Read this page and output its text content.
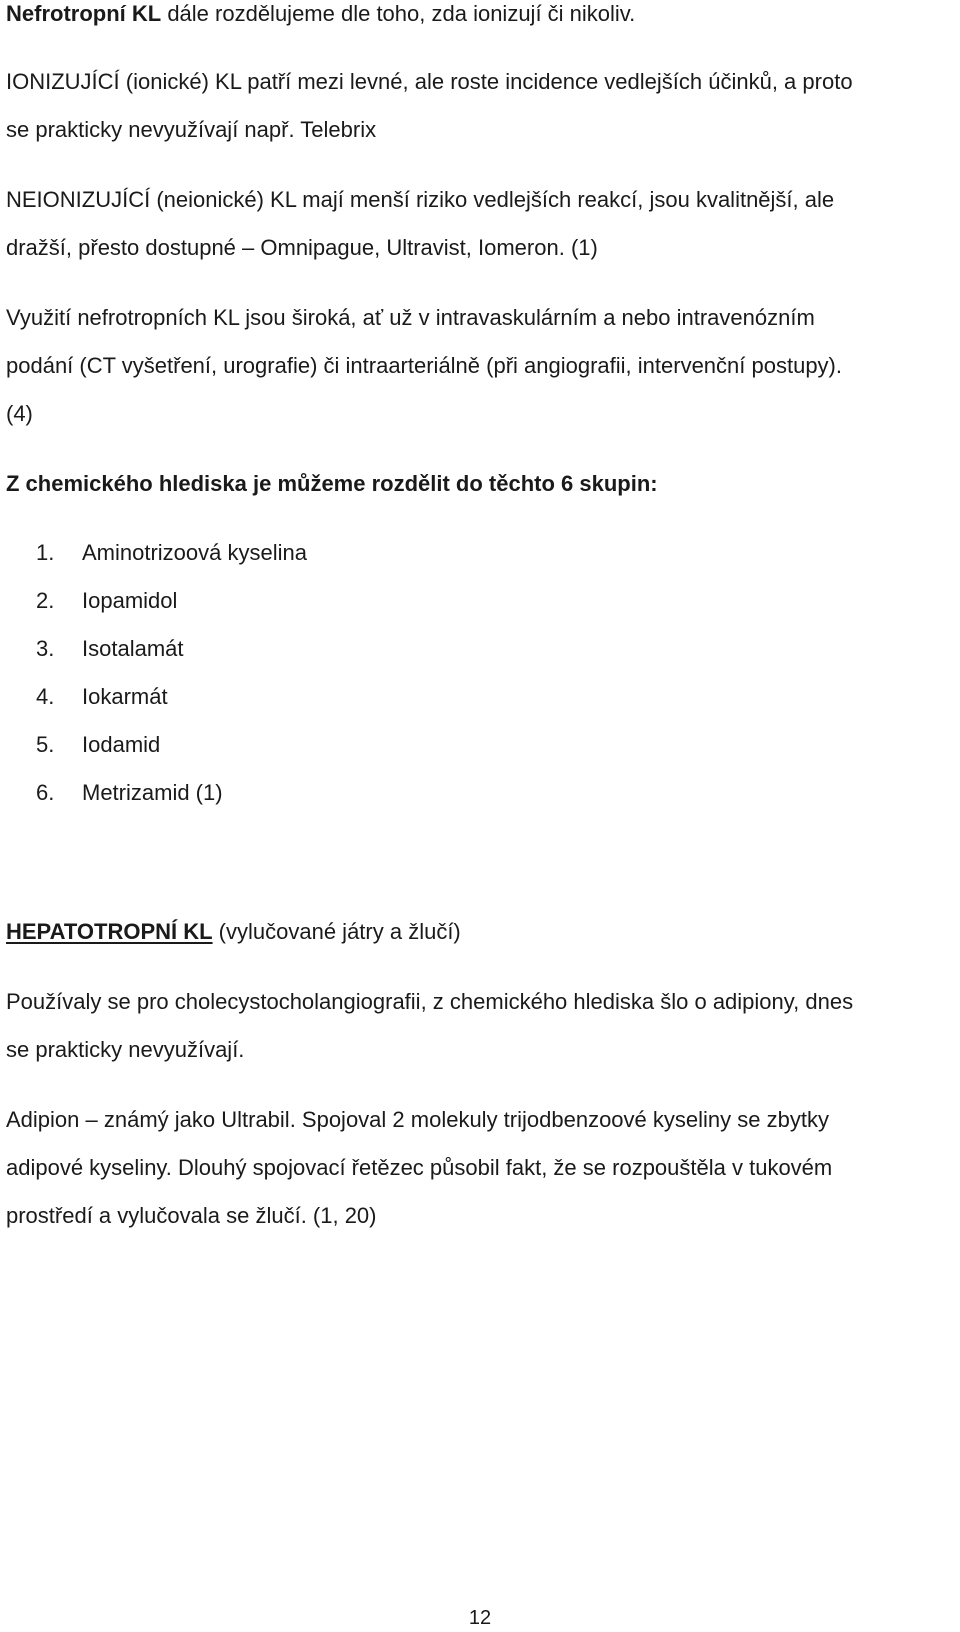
Nefrotropní KL dále rozdělujeme dle toho, zda ionizují či nikoliv.
IONIZUJÍCÍ (ionické) KL patří mezi levné, ale roste incidence vedlejších účinků, a proto
se prakticky nevyužívají např. Telebrix
NEIONIZUJÍCÍ (neionické) KL mají menší riziko vedlejších reakcí, jsou kvalitnější, ale
dražší, přesto dostupné – Omnipague, Ultravist, Iomeron. (1)
Využití nefrotropních KL jsou široká, ať už v intravaskulárním a nebo intravenózním
podání (CT vyšetření, urografie) či intraarteriálně (při angiografii, intervenční postupy).
(4)
Z chemického hlediska je můžeme rozdělit do těchto 6 skupin:
1. Aminotrizoová kyselina
2. Iopamidol
3. Isotalamát
4. Iokarmát
5. Iodamid
6. Metrizamid (1)
HEPATOTROPNÍ KL (vylučované játry a žlučí)
Používaly se pro cholecystocholangiografii, z chemického hlediska šlo o adipiony, dnes
se prakticky nevyužívají.
Adipion – známý jako Ultrabil. Spojoval 2 molekuly trijodbenzoové kyseliny se zbytky
adipové kyseliny. Dlouhý spojovací řetězec působil fakt, že se rozpouštěla v tukovém
prostředí a vylučovala se žlučí. (1, 20)
12
